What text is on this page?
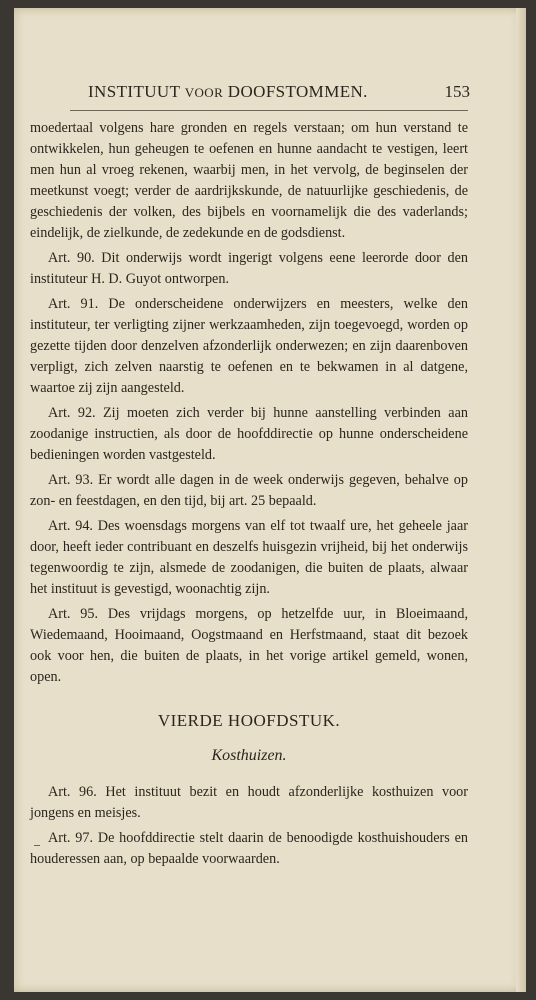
INSTITUUT VOOR DOOFSTOMMEN.	153

moedertaal volgens hare gronden en regels verstaan; om hun verstand te ontwikkelen, hun geheugen te oefenen en hunne aandacht te vestigen, leert men hun al vroeg rekenen, waarbij men, in het vervolg, de beginselen der meetkunst voegt; verder de aardrijkskunde, de natuurlijke geschiedenis, de geschiedenis der volken, des bijbels en voornamelijk die des vaderlands; eindelijk, de zielkunde, de zedekunde en de godsdienst.

Art. 90. Dit onderwijs wordt ingerigt volgens eene leerorde door den instituteur H. D. Guyot ontworpen.

Art. 91. De onderscheidene onderwijzers en meesters, welke den instituteur, ter verligting zijner werkzaamheden, zijn toegevoegd, worden op gezette tijden door denzelven afzonderlijk onderwezen; en zijn daarenboven verpligt, zich zelven naarstig te oefenen en te bekwamen in al datgene, waartoe zij zijn aangesteld.

Art. 92. Zij moeten zich verder bij hunne aanstelling verbinden aan zoodanige instructien, als door de hoofddirectie op hunne onderscheidene bedieningen worden vastgesteld.

Art. 93. Er wordt alle dagen in de week onderwijs gegeven, behalve op zon- en feestdagen, en den tijd, bij art. 25 bepaald.

Art. 94. Des woensdags morgens van elf tot twaalf ure, het geheele jaar door, heeft ieder contribuant en deszelfs huisgezin vrijheid, bij het onderwijs tegenwoordig te zijn, alsmede de zoodanigen, die buiten de plaats, alwaar het instituut is gevestigd, woonachtig zijn.

Art. 95. Des vrijdags morgens, op hetzelfde uur, in Bloeimaand, Wiedemaand, Hooimaand, Oogstmaand en Herfstmaand, staat dit bezoek ook voor hen, die buiten de plaats, in het vorige artikel gemeld, wonen, open.

VIERDE HOOFDSTUK.
Kosthuizen.

Art. 96. Het instituut bezit en houdt afzonderlijke kosthuizen voor jongens en meisjes.

Art. 97. De hoofddirectie stelt daarin de benoodigde kosthuishouders en houderessen aan, op bepaalde voorwaarden.
